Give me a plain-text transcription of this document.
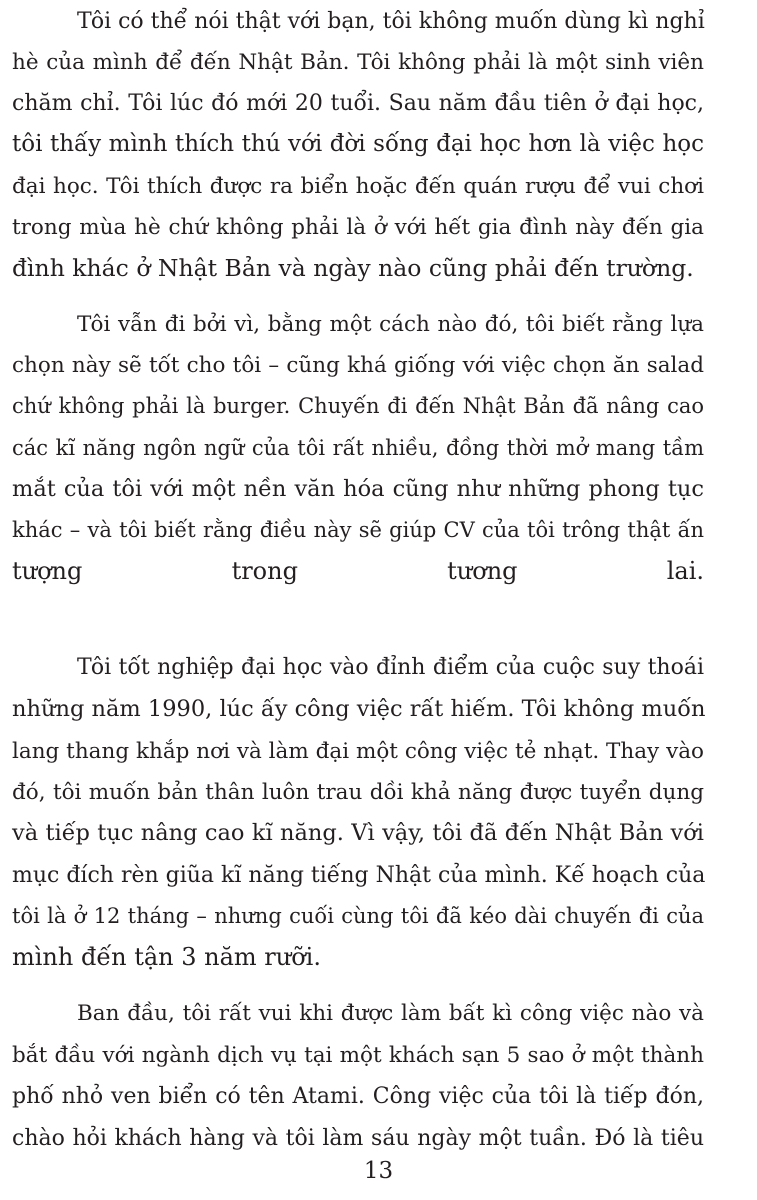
Tôi có thể nói thật với bạn, tôi không muốn dùng kì nghỉ
hè của mình để đến Nhật Bản. Tôi không phải là một sinh viên
chăm chỉ. Tôi lúc đó mới 20 tuổi. Sau năm đầu tiên ở đại học,
tôi thấy mình thích thú với đời sống đại học hơn là việc học
đại học. Tôi thích được ra biển hoặc đến quán rượu để vui chơi
trong mùa hè chứ không phải là ở với hết gia đình này đến gia
đình khác ở Nhật Bản và ngày nào cũng phải đến trường.
Tôi vẫn đi bởi vì, bằng một cách nào đó, tôi biết rằng lựa
chọn này sẽ tốt cho tôi – cũng khá giống với việc chọn ăn salad
chứ không phải là burger. Chuyến đi đến Nhật Bản đã nâng cao
các kĩ năng ngôn ngữ của tôi rất nhiều, đồng thời mở mang tầm
mắt của tôi với một nền văn hóa cũng như những phong tục
khác – và tôi biết rằng điều này sẽ giúp CV của tôi trông thật ấn
tượng trong tương lai.
Tôi tốt nghiệp đại học vào đỉnh điểm của cuộc suy thoái
những năm 1990, lúc ấy công việc rất hiếm. Tôi không muốn
lang thang khắp nơi và làm đại một công việc tẻ nhạt. Thay vào
đó, tôi muốn bản thân luôn trau dồi khả năng được tuyển dụng
và tiếp tục nâng cao kĩ năng. Vì vậy, tôi đã đến Nhật Bản với
mục đích rèn giũa kĩ năng tiếng Nhật của mình. Kế hoạch của
tôi là ở 12 tháng – nhưng cuối cùng tôi đã kéo dài chuyến đi của
mình đến tận 3 năm rưỡi.
Ban đầu, tôi rất vui khi được làm bất kì công việc nào và
bắt đầu với ngành dịch vụ tại một khách sạn 5 sao ở một thành
phố nhỏ ven biển có tên Atami. Công việc của tôi là tiếp đón,
chào hỏi khách hàng và tôi làm sáu ngày một tuần. Đó là tiêu
13
